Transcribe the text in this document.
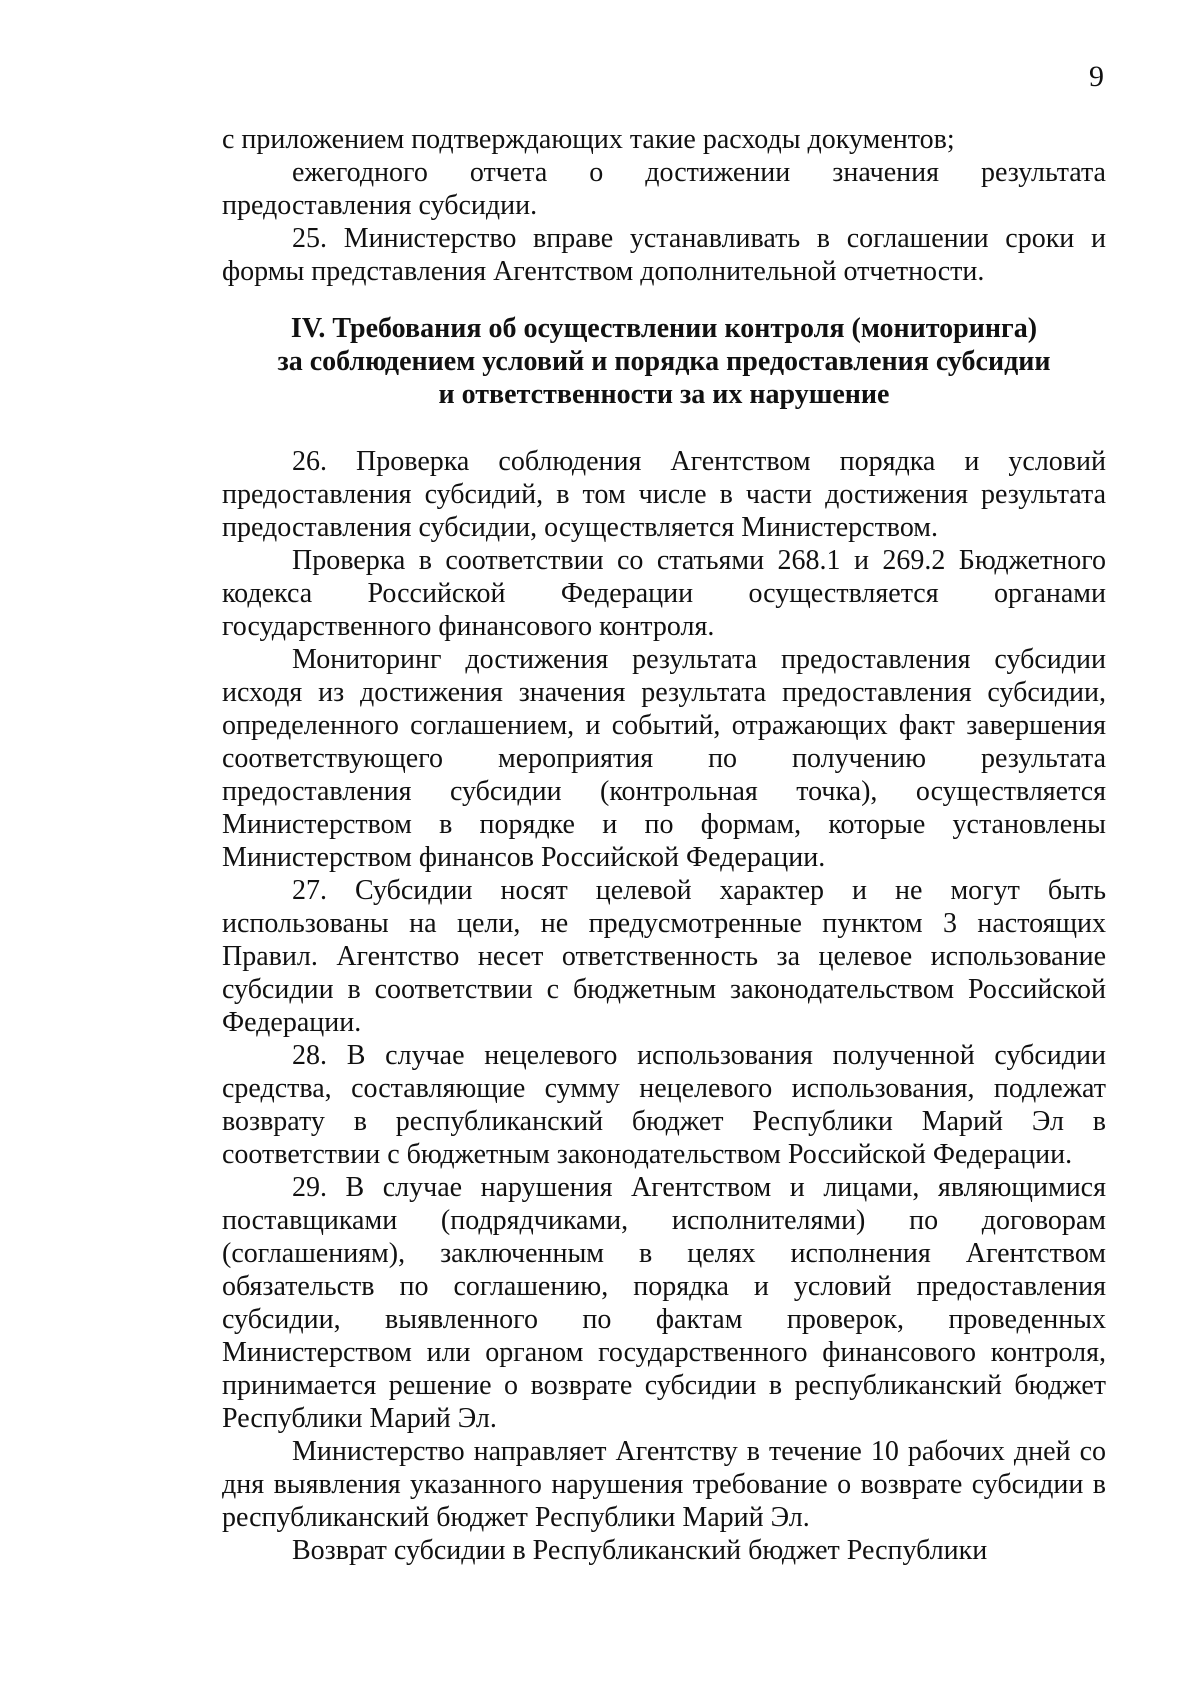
9

с приложением подтверждающих такие расходы документов;

ежегодного отчета о достижении значения результата предоставления субсидии.

25. Министерство вправе устанавливать в соглашении сроки и формы представления Агентством дополнительной отчетности.

IV. Требования об осуществлении контроля (мониторинга)
за соблюдением условий и порядка предоставления субсидии
и ответственности за их нарушение

26. Проверка соблюдения Агентством порядка и условий предоставления субсидий, в том числе в части достижения результата предоставления субсидии, осуществляется Министерством.

Проверка в соответствии со статьями 268.1 и 269.2 Бюджетного кодекса Российской Федерации осуществляется органами государственного финансового контроля.

Мониторинг достижения результата предоставления субсидии исходя из достижения значения результата предоставления субсидии, определенного соглашением, и событий, отражающих факт завершения соответствующего мероприятия по получению результата предоставления субсидии (контрольная точка), осуществляется Министерством в порядке и по формам, которые установлены Министерством финансов Российской Федерации.

27. Субсидии носят целевой характер и не могут быть использованы на цели, не предусмотренные пунктом 3 настоящих Правил. Агентство несет ответственность за целевое использование субсидии в соответствии с бюджетным законодательством Российской Федерации.

28. В случае нецелевого использования полученной субсидии средства, составляющие сумму нецелевого использования, подлежат возврату в республиканский бюджет Республики Марий Эл в соответствии с бюджетным законодательством Российской Федерации.

29. В случае нарушения Агентством и лицами, являющимися поставщиками (подрядчиками, исполнителями) по договорам (соглашениям), заключенным в целях исполнения Агентством обязательств по соглашению, порядка и условий предоставления субсидии, выявленного по фактам проверок, проведенных Министерством или органом государственного финансового контроля, принимается решение о возврате субсидии в республиканский бюджет Республики Марий Эл.

Министерство направляет Агентству в течение 10 рабочих дней со дня выявления указанного нарушения требование о возврате субсидии в республиканский бюджет Республики Марий Эл.

Возврат субсидии в Республиканский бюджет Республики
